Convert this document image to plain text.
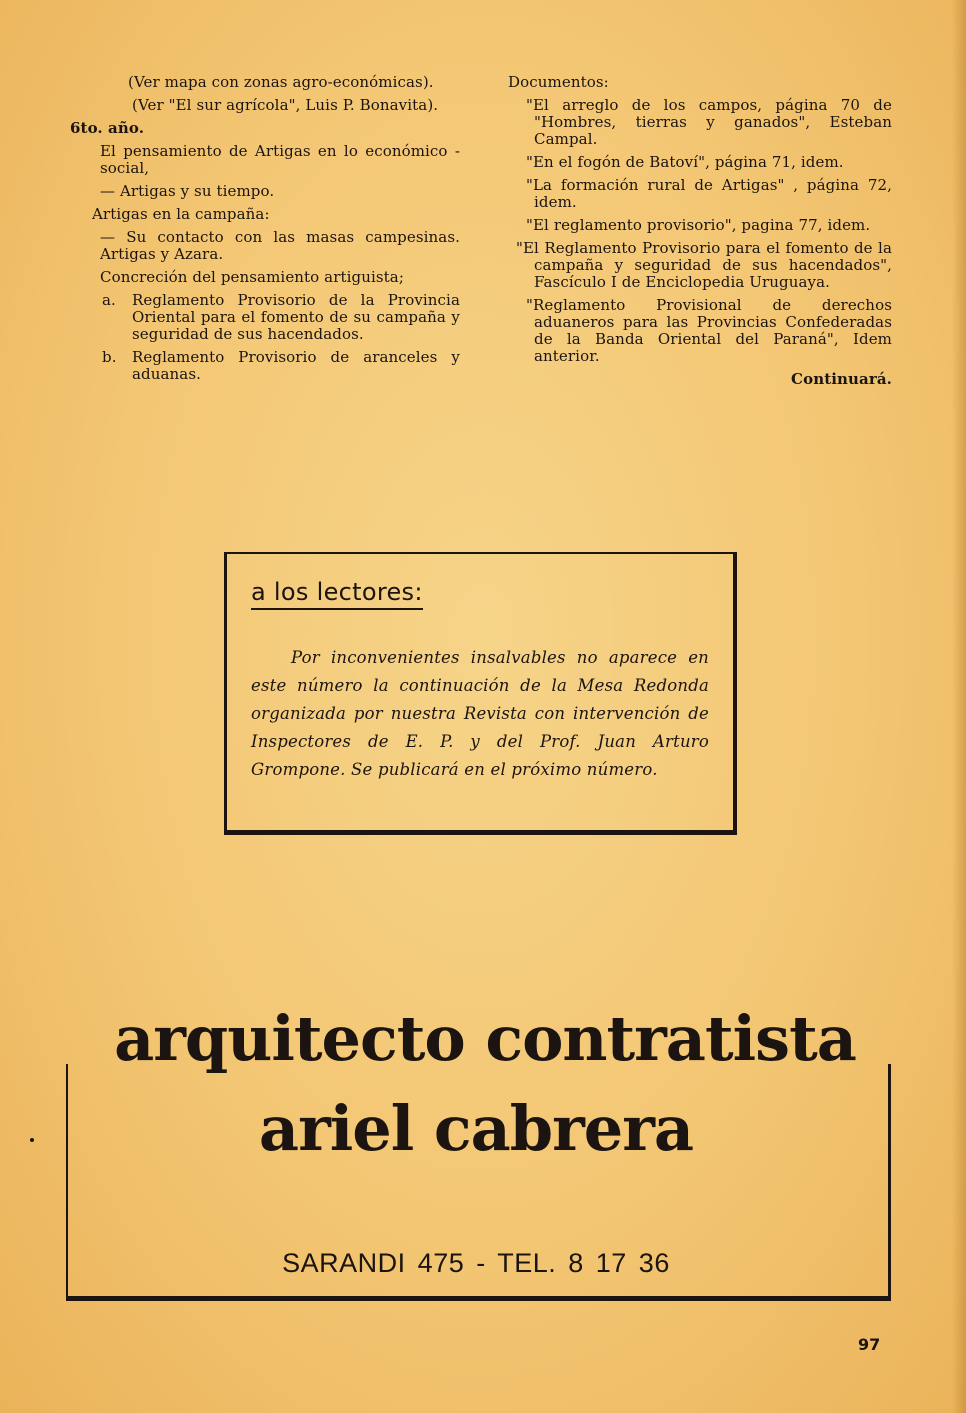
(Ver mapa con zonas agro-económicas).

(Ver "El sur agrícola", Luis P. Bonavita).

6to. año.

El pensamiento de Artigas en lo económico - social,

— Artigas y su tiempo.

Artigas en la campaña:

— Su contacto con las masas campesinas. Artigas y Azara.

Concreción del pensamiento artiguista;

a. Reglamento Provisorio de la Provincia Oriental para el fomento de su campaña y seguridad de sus hacendados.

b. Reglamento Provisorio de aranceles y aduanas.

Documentos:

"El arreglo de los campos, página 70 de "Hombres, tierras y ganados", Esteban Campal.

"En el fogón de Batoví", página 71, idem.

"La formación rural de Artigas" , página 72, idem.

"El reglamento provisorio", pagina 77, idem.

"El Reglamento Provisorio para el fomento de la campaña y seguridad de sus hacendados", Fascículo I de Enciclopedia Uruguaya.

"Reglamento Provisional de derechos aduaneros para las Provincias Confederadas de la Banda Oriental del Paraná", Idem anterior.

Continuará.

a los lectores:

Por inconvenientes insalvables no aparece en este número la continuación de la Mesa Redonda organizada por nuestra Revista con intervención de Inspectores de E. P. y del Prof. Juan Arturo Grompone. Se publicará en el próximo número.

arquitecto contratista

ariel cabrera

SARANDI 475 - TEL. 8 17 36

97
